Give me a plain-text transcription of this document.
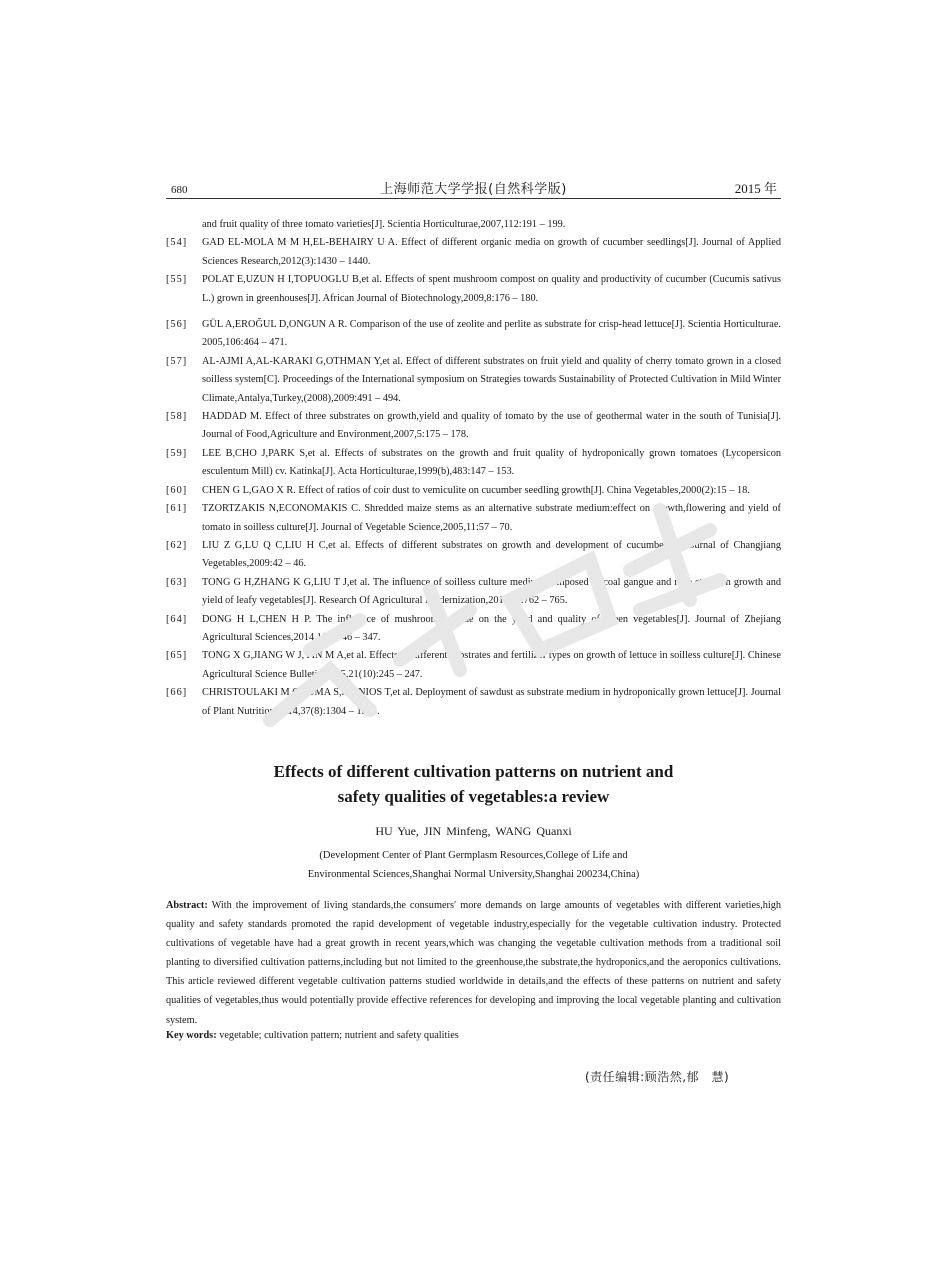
680	上海师范大学学报(自然科学版)	2015 年
and fruit quality of three tomato varieties[J]. Scientia Horticulturae,2007,112:191 – 199.
[54]	GAD EL-MOLA M M H,EL-BEHAIRY U A. Effect of different organic media on growth of cucumber seedlings[J]. Journal of Applied Sciences Research,2012(3):1430 – 1440.
[55]	POLAT E,UZUN H I,TOPUOGLU B,et al. Effects of spent mushroom compost on quality and productivity of cucumber (Cucumis sativus L.) grown in greenhouses[J]. African Journal of Biotechnology,2009,8:176 – 180.
[56]	GÜL A,EROǦUL D,ONGUN A R. Comparison of the use of zeolite and perlite as substrate for crisp-head lettuce[J]. Scientia Horticulturae. 2005,106:464 – 471.
[57]	AL-AJMI A,AL-KARAKI G,OTHMAN Y,et al. Effect of different substrates on fruit yield and quality of cherry tomato grown in a closed soilless system[C]. Proceedings of the International symposium on Strategies towards Sustainability of Protected Cultivation in Mild Winter Climate,Antalya,Turkey,(2008),2009:491 – 494.
[58]	HADDAD M. Effect of three substrates on growth,yield and quality of tomato by the use of geothermal water in the south of Tunisia[J]. Journal of Food,Agriculture and Environment,2007,5:175 – 178.
[59]	LEE B,CHO J,PARK S,et al. Effects of substrates on the growth and fruit quality of hydroponically grown tomatoes (Lycopersicon esculentum Mill) cv. Katinka[J]. Acta Horticulturae,1999(b),483:147 – 153.
[60]	CHEN G L,GAO X R. Effect of ratios of coir dust to vemiculite on cucumber seedling growth[J]. China Vegetables,2000(2):15 – 18.
[61]	TZORTZAKIS N,ECONOMAKIS C. Shredded maize stems as an alternative substrate medium:effect on growth,flowering and yield of tomato in soilless culture[J]. Journal of Vegetable Science,2005,11:57 – 70.
[62]	LIU Z G,LU Q C,LIU H C,et al. Effects of different substrates on growth and development of cucumber[J]. Journal of Changjiang Vegetables,2009:42 – 46.
[63]	TONG G H,ZHANG K G,LIU T J,et al. The influence of soilless culture medium composed of coal gangue and rape straw on growth and yield of leafy vegetables[J]. Research Of Agricultural Modernization,2012(6):762 – 765.
[64]	DONG H L,CHEN H P. The influence of mushroom residue on the yield and quality of green vegetables[J]. Journal of Zhejiang Agricultural Sciences,2014,1(3):346 – 347.
[65]	TONG X G,JIANG W J,YIN M A,et al. Effects of different substrates and fertilizer types on growth of lettuce in soilless culture[J]. Chinese Agricultural Science Bulletin,2005,21(10):245 – 247.
[66]	CHRISTOULAKI M,GOUMA S,MANIOS T,et al. Deployment of sawdust as substrate medium in hydroponically grown lettuce[J]. Journal of Plant Nutrition,2014,37(8):1304 – 1315.
Effects of different cultivation patterns on nutrient and
safety qualities of vegetables:a review
HU Yue, JIN Minfeng, WANG Quanxi
(Development Center of Plant Germplasm Resources,College of Life and
Environmental Sciences,Shanghai Normal University,Shanghai 200234,China)
Abstract: With the improvement of living standards,the consumers′ more demands on large amounts of vegetables with different varieties,high quality and safety standards promoted the rapid development of vegetable industry,especially for the vegetable cultivation industry. Protected cultivations of vegetable have had a great growth in recent years,which was changing the vegetable cultivation methods from a traditional soil planting to diversified cultivation patterns,including but not limited to the greenhouse,the substrate,the hydroponics,and the aeroponics cultivations. This article reviewed different vegetable cultivation patterns studied worldwide in details,and the effects of these patterns on nutrient and safety qualities of vegetables,thus would potentially provide effective references for developing and improving the local vegetable planting and cultivation system.
Key words: vegetable; cultivation pattern; nutrient and safety qualities
(责任编辑:顾浩然,郁　慧)
